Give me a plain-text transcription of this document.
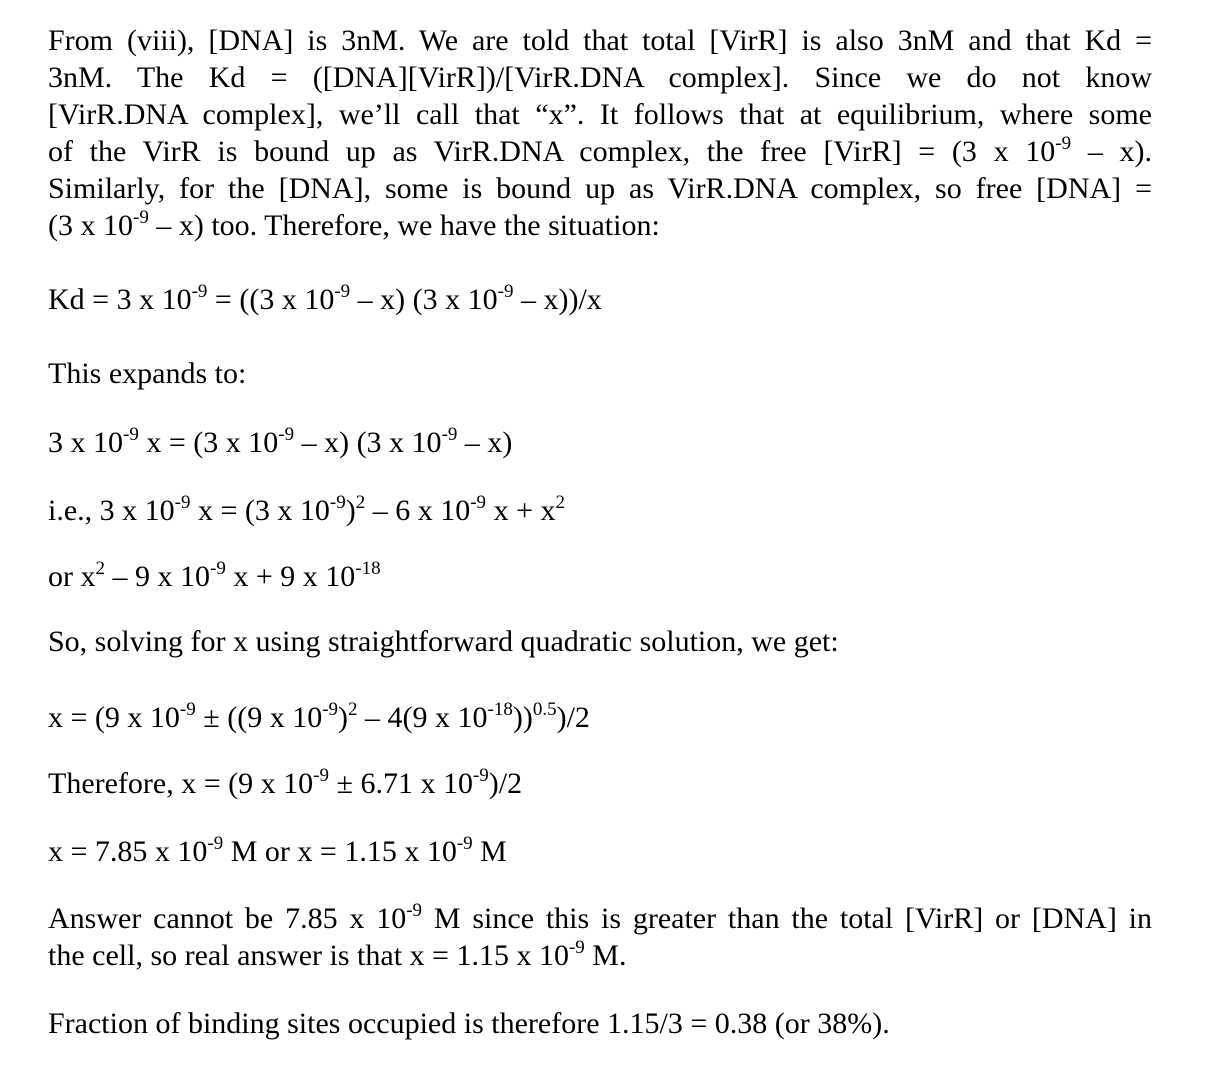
From (viii), [DNA] is 3nM. We are told that total [VirR] is also 3nM and that Kd =
3nM. The Kd = ([DNA][VirR])/[VirR.DNA complex]. Since we do not know
[VirR.DNA complex], we’ll call that “x”. It follows that at equilibrium, where some
of the VirR is bound up as VirR.DNA complex, the free [VirR] = (3 x $10^{-9} - x$).
Similarly, for the [DNA], some is bound up as VirR.DNA complex, so free [DNA] =
(3 x $10^{-9} - x$) too. Therefore, we have the situation:

Kd = 3 x $10^{-9} = ((3$ x $10^{-9} - x$) (3 x $10^{-9} - x))/x$

This expands to:

3 x $10^{-9}$ x = (3 x $10^{-9} - x$) (3 x $10^{-9} - x$)

i.e., 3 x $10^{-9}$ x = (3 x $10^{-9})^2 - 6$ x $10^{-9}$ $x + x^2$

or $x^2 - 9$ x $10^{-9}$ x + 9 x $10^{-18}$

So, solving for x using straightforward quadratic solution, we get:

x = (9 x $10^{-9} \pm ((9$ x $10^{-9})^2 - 4(9$ x $10^{-18}))^{0.5})/2$

Therefore, x = (9 x $10^{-9} \pm 6.71$ x $10^{-9})/2$

x = 7.85 x $10^{-9}$ M or x = 1.15 x $10^{-9}$ M

Answer cannot be 7.85 x $10^{-9}$ M since this is greater than the total [VirR] or [DNA] in
the cell, so real answer is that x = 1.15 x $10^{-9}$ M.

Fraction of binding sites occupied is therefore 1.15/3 = 0.38 (or 38%).
